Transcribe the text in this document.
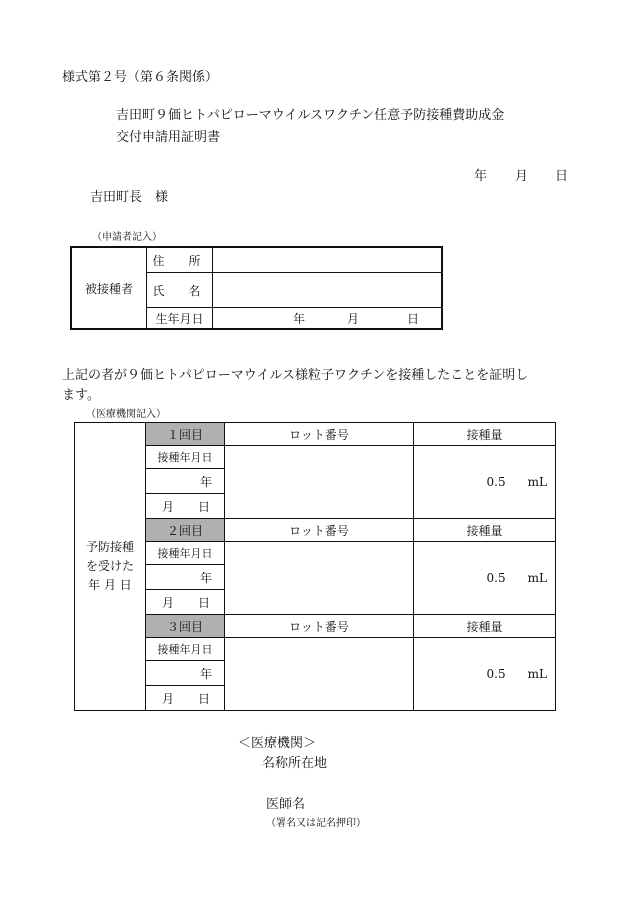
様式第２号（第６条関係）
吉田町９価ヒトパピローマウイルスワクチン任意予防接種費助成金
交付申請用証明書
年 月 日
吉田町長　様
（申請者記入）
被接種者	住　所	
	氏　名	
	生年月日	年 月 日
上記の者が９価ヒトパピローマウイルス様粒子ワクチンを接種したことを証明し
ます。
（医療機関記入）
予防接種
を受けた
年 月 日	１回目	ロット番号	接種量
	接種年月日		0.5 mL
	年		
	月 日		
	２回目	ロット番号	接種量
	接種年月日		0.5 mL
	年		
	月 日		
	３回目	ロット番号	接種量
	接種年月日		0.5 mL
	年		
	月 日		
＜医療機関＞
名称所在地
医師名
（署名又は記名押印）
